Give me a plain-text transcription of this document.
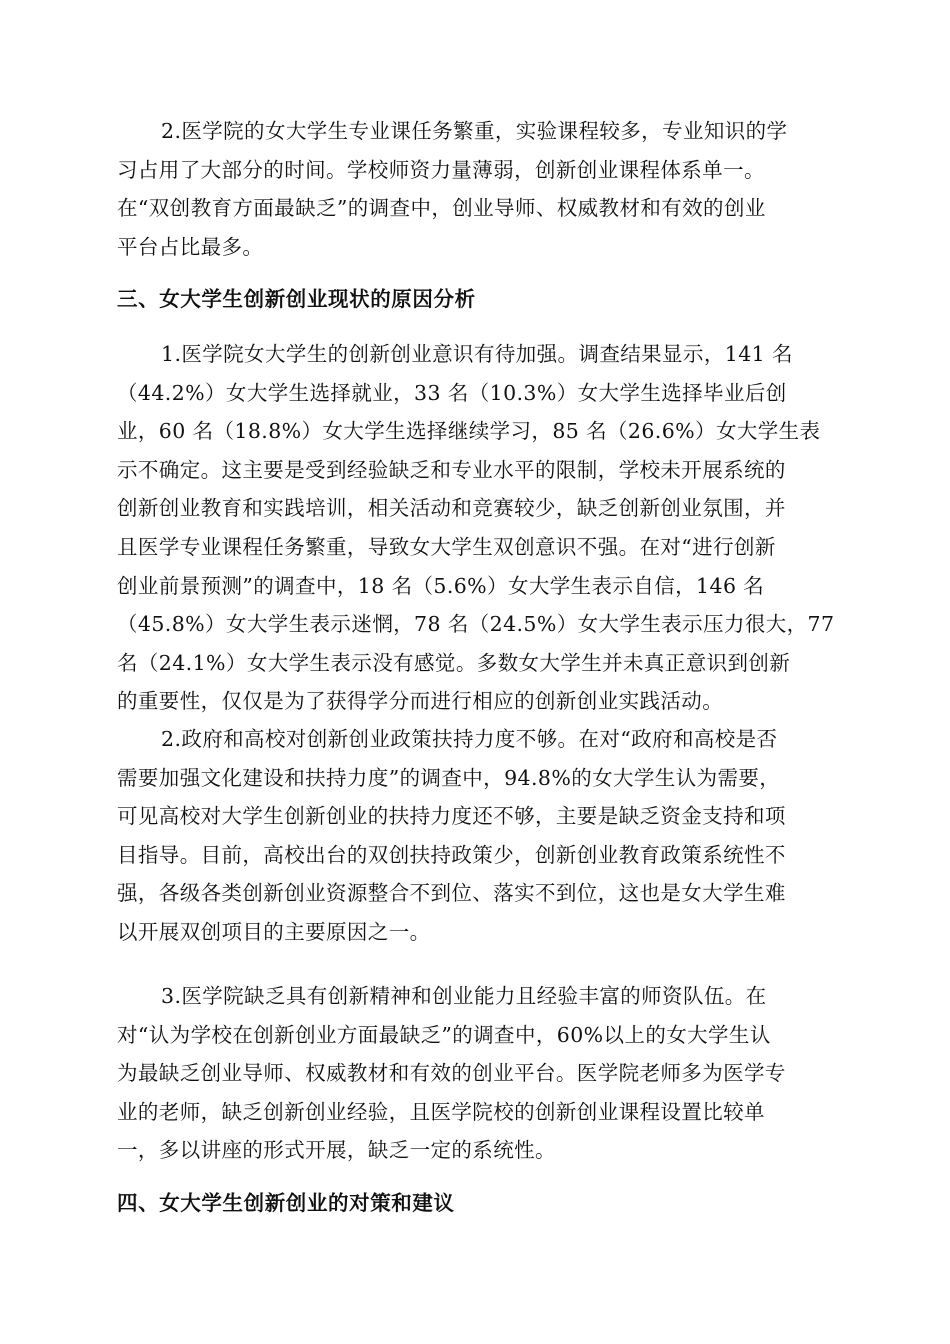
2.医学院的女大学生专业课任务繁重，实验课程较多，专业知识的学
习占用了大部分的时间。学校师资力量薄弱，创新创业课程体系单一。
在“双创教育方面最缺乏”的调查中，创业导师、权威教材和有效的创业
平台占比最多。
三、女大学生创新创业现状的原因分析
1.医学院女大学生的创新创业意识有待加强。调查结果显示，141 名
（44.2%）女大学生选择就业，33 名（10.3%）女大学生选择毕业后创
业，60 名（18.8%）女大学生选择继续学习，85 名（26.6%）女大学生表
示不确定。这主要是受到经验缺乏和专业水平的限制，学校未开展系统的
创新创业教育和实践培训，相关活动和竞赛较少，缺乏创新创业氛围，并
且医学专业课程任务繁重，导致女大学生双创意识不强。在对“进行创新
创业前景预测”的调查中，18 名（5.6%）女大学生表示自信，146 名
（45.8%）女大学生表示迷惘，78 名（24.5%）女大学生表示压力很大，77
名（24.1%）女大学生表示没有感觉。多数女大学生并未真正意识到创新
的重要性，仅仅是为了获得学分而进行相应的创新创业实践活动。
2.政府和高校对创新创业政策扶持力度不够。在对“政府和高校是否
需要加强文化建设和扶持力度”的调查中，94.8%的女大学生认为需要，
可见高校对大学生创新创业的扶持力度还不够，主要是缺乏资金支持和项
目指导。目前，高校出台的双创扶持政策少，创新创业教育政策系统性不
强，各级各类创新创业资源整合不到位、落实不到位，这也是女大学生难
以开展双创项目的主要原因之一。
3.医学院缺乏具有创新精神和创业能力且经验丰富的师资队伍。在
对“认为学校在创新创业方面最缺乏”的调查中，60%以上的女大学生认
为最缺乏创业导师、权威教材和有效的创业平台。医学院老师多为医学专
业的老师，缺乏创新创业经验，且医学院校的创新创业课程设置比较单
一，多以讲座的形式开展，缺乏一定的系统性。
四、女大学生创新创业的对策和建议
